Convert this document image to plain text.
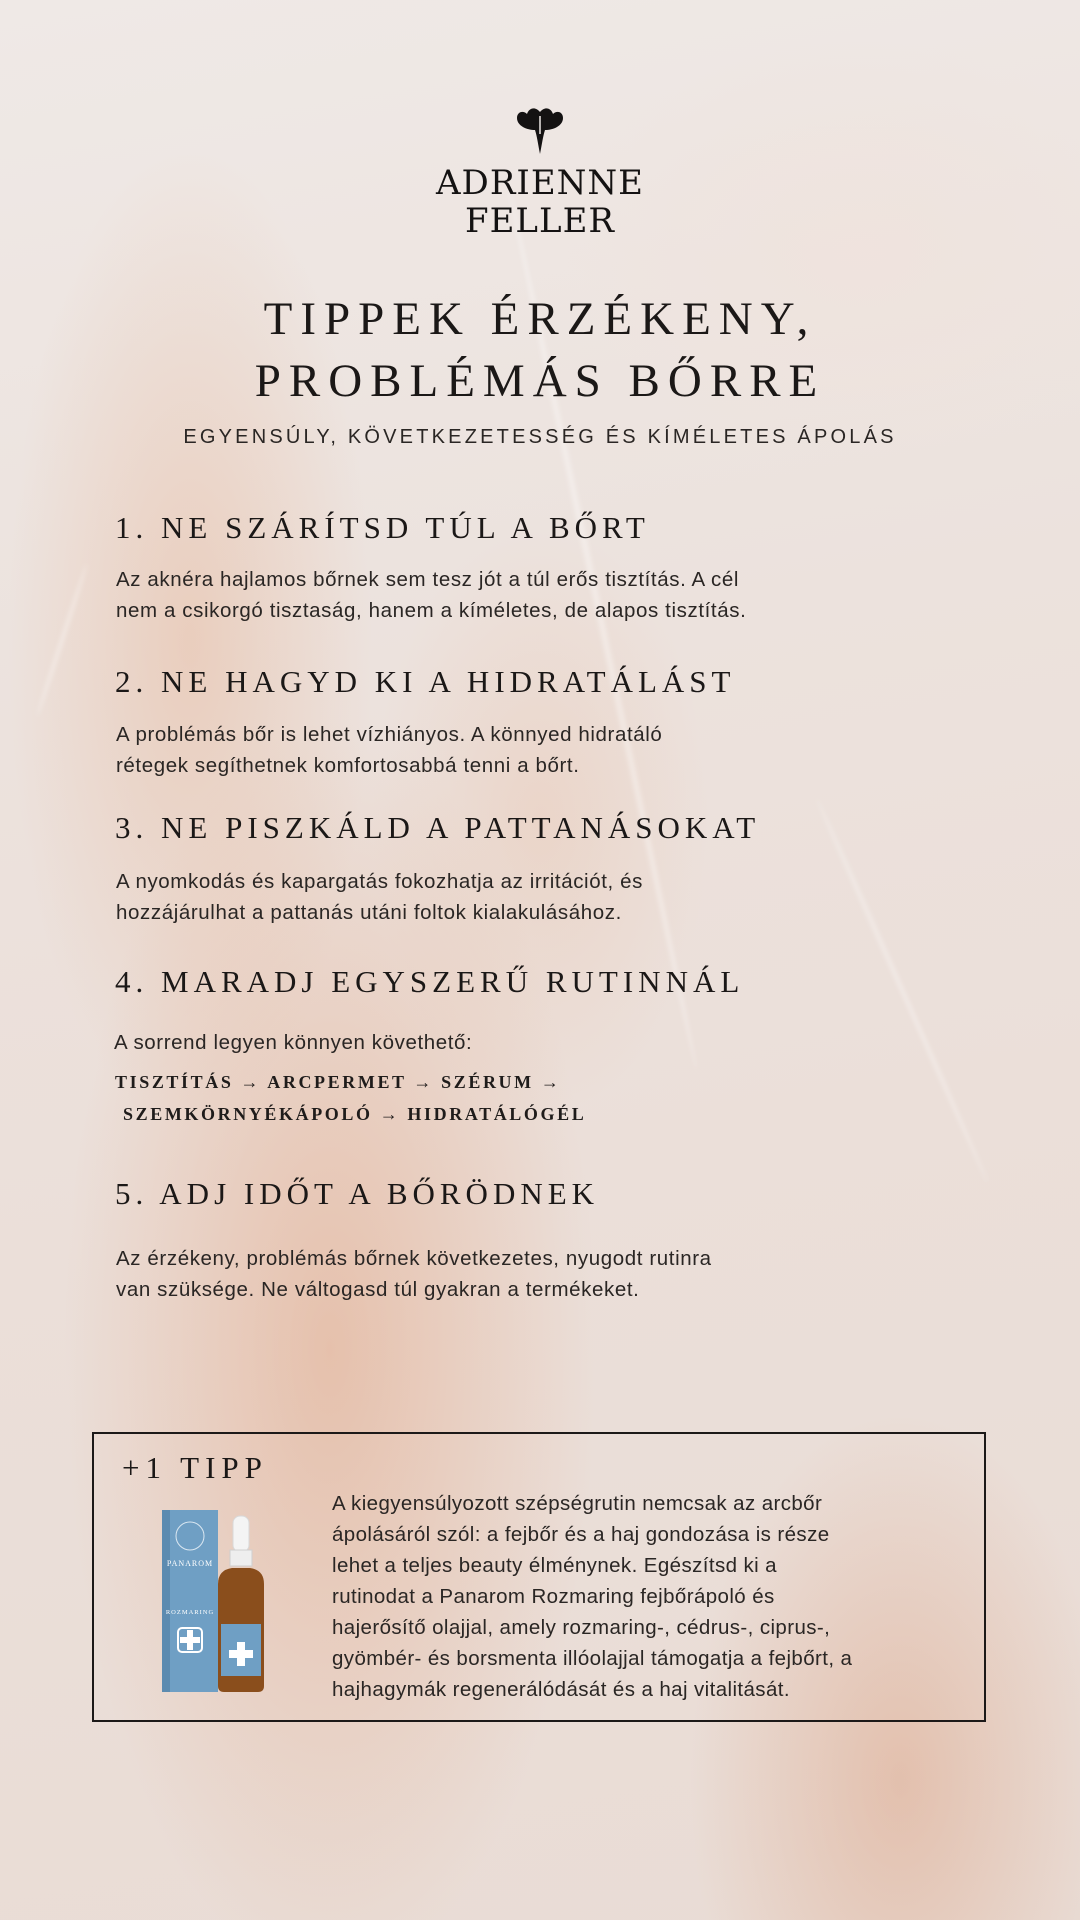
ADRIENNE
FELLER
TIPPEK ÉRZÉKENY,
PROBLÉMÁS BŐRRE
EGYENSÚLY, KÖVETKEZETESSÉG ÉS KÍMÉLETES ÁPOLÁS
1. NE SZÁRÍTSD TÚL A BŐRT
Az aknéra hajlamos bőrnek sem tesz jót a túl erős tisztítás. A cél
nem a csikorgó tisztaság, hanem a kíméletes, de alapos tisztítás.
2. NE HAGYD KI A HIDRATÁLÁST
A problémás bőr is lehet vízhiányos. A könnyed hidratáló
rétegek segíthetnek komfortosabbá tenni a bőrt.
3. NE PISZKÁLD A PATTANÁSOKAT
A nyomkodás és kapargatás fokozhatja az irritációt, és
hozzájárulhat a pattanás utáni foltok kialakulásához.
4. MARADJ EGYSZERŰ RUTINNÁL
A sorrend legyen könnyen követhető:
TISZTÍTÁS → ARCPERMET → SZÉRUM →
SZEMKÖRNYÉKÁPOLÓ → HIDRATÁLÓGÉL
5. ADJ IDŐT A BŐRÖDNEK
Az érzékeny, problémás bőrnek következetes, nyugodt rutinra
van szüksége. Ne váltogasd túl gyakran a termékeket.
+1 TIPP
PANAROM
ROZMARING
A kiegyensúlyozott szépségrutin nemcsak az arcbőr
ápolásáról szól: a fejbőr és a haj gondozása is része
lehet a teljes beauty élménynek. Egészítsd ki a
rutinodat a Panarom Rozmaring fejbőrápoló és
hajerősítő olajjal, amely rozmaring-, cédrus-, ciprus-,
gyömbér- és borsmenta illóolajjal támogatja a fejbőrt, a
hajhagymák regenerálódását és a haj vitalitását.
